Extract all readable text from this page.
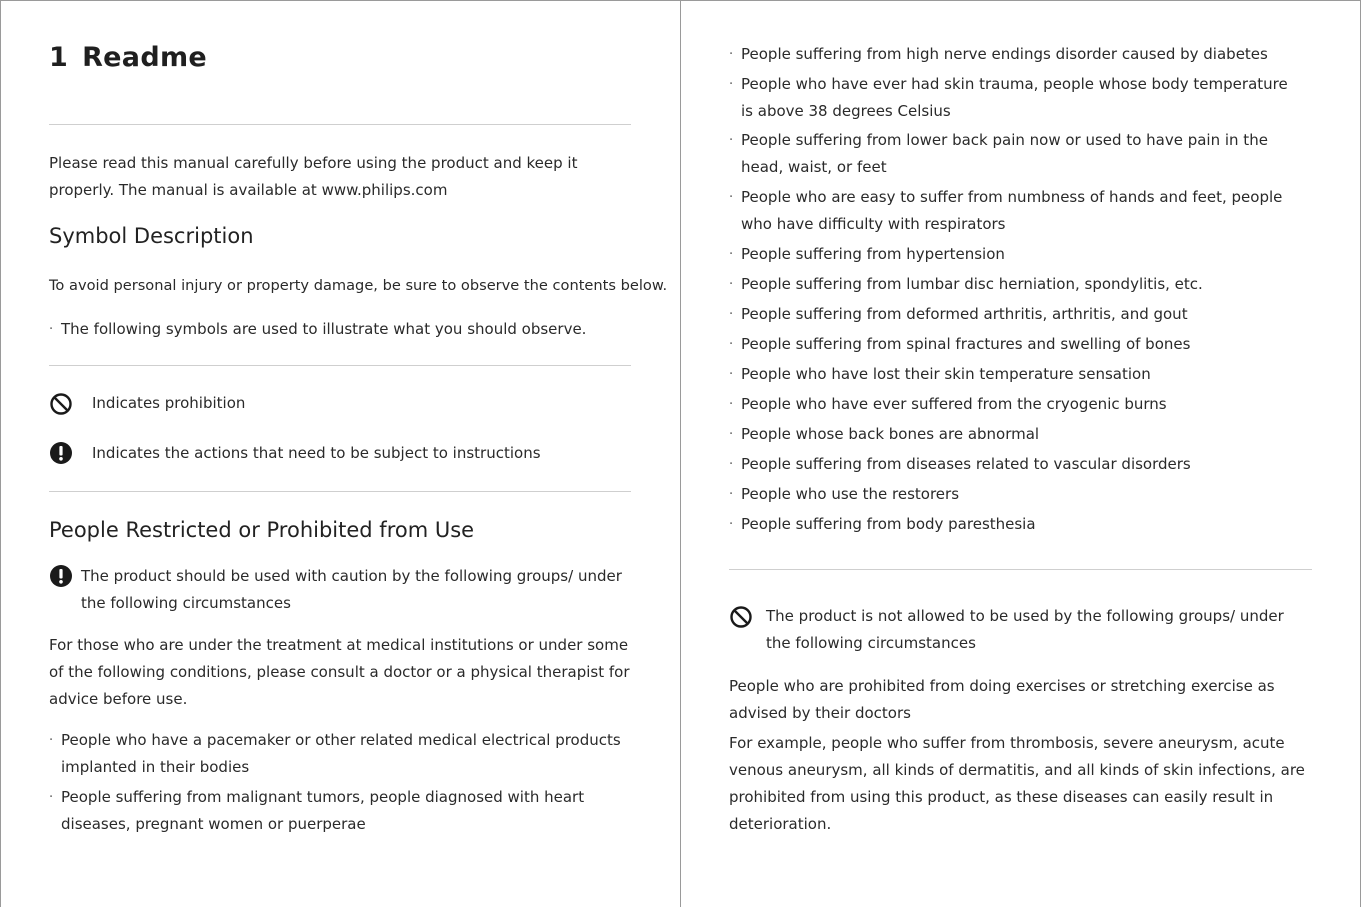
1 Readme
Please read this manual carefully before using the product and keep it properly. The manual is available at www.philips.com
Symbol Description
To avoid personal injury or property damage, be sure to observe the contents below.
· The following symbols are used to illustrate what you should observe.
Indicates prohibition
Indicates the actions that need to be subject to instructions
People Restricted or Prohibited from Use
The product should be used with caution by the following groups/ under the following circumstances
For those who are under the treatment at medical institutions or under some of the following conditions, please consult a doctor or a physical therapist for advice before use.
· People who have a pacemaker or other related medical electrical products implanted in their bodies
· People suffering from malignant tumors, people diagnosed with heart diseases, pregnant women or puerperae
· People suffering from high nerve endings disorder caused by diabetes
· People who have ever had skin trauma, people whose body temperature is above 38 degrees Celsius
· People suffering from lower back pain now or used to have pain in the head, waist, or feet
· People who are easy to suffer from numbness of hands and feet, people who have difficulty with respirators
· People suffering from hypertension
· People suffering from lumbar disc herniation, spondylitis, etc.
· People suffering from deformed arthritis, arthritis, and gout
· People suffering from spinal fractures and swelling of bones
· People who have lost their skin temperature sensation
· People who have ever suffered from the cryogenic burns
· People whose back bones are abnormal
· People suffering from diseases related to vascular disorders
· People who use the restorers
· People suffering from body paresthesia
The product is not allowed to be used by the following groups/ under the following circumstances
People who are prohibited from doing exercises or stretching exercise as advised by their doctors
For example, people who suffer from thrombosis, severe aneurysm, acute venous aneurysm, all kinds of dermatitis, and all kinds of skin infections, are prohibited from using this product, as these diseases can easily result in deterioration.
